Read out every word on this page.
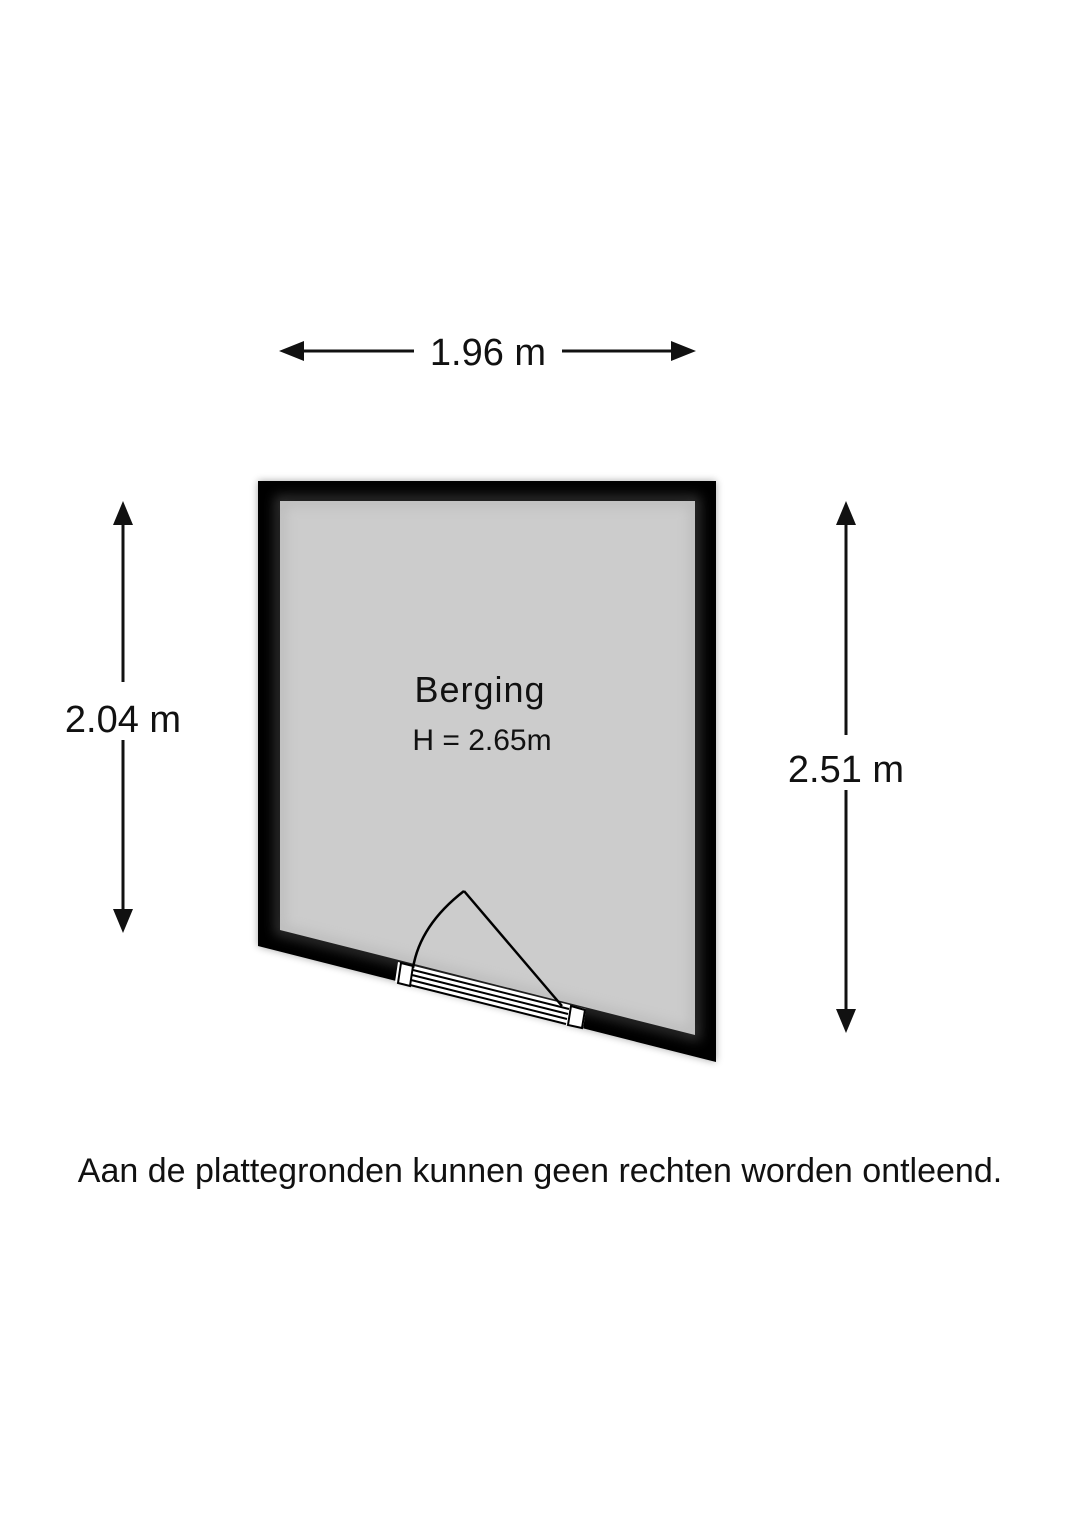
1.96 m
2.04 m
2.51 m
Berging
H = 2.65m
Aan de plattegronden kunnen geen rechten worden ontleend.
